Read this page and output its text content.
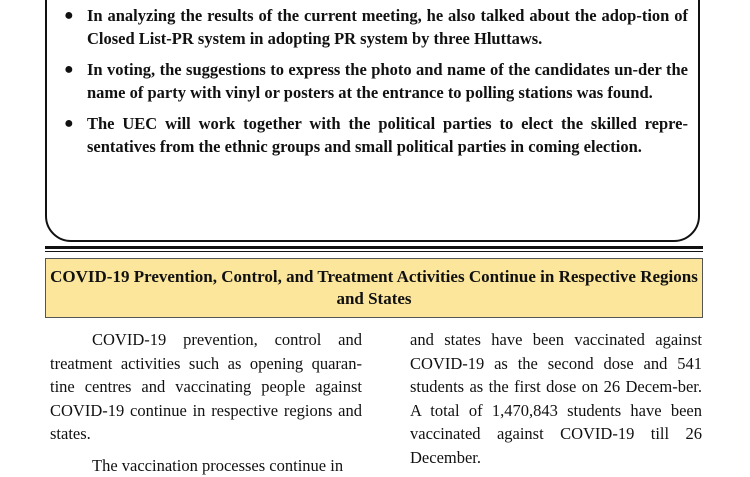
● In analyzing the results of the current meeting, he also talked about the adop-tion of Closed List-PR system in adopting PR system by three Hluttaws.
● In voting, the suggestions to express the photo and name of the candidates un-der the name of party with vinyl or posters at the entrance to polling stations was found.
● The UEC will work together with the political parties to elect the skilled repre-sentatives from the ethnic groups and small political parties in coming election.
COVID-19 Prevention, Control, and Treatment Activities Continue in Respective Regions and States

COVID-19 prevention, control and treatment activities such as opening quaran-tine centres and vaccinating people against COVID-19 continue in respective regions and states.

The vaccination processes continue in

and states have been vaccinated against COVID-19 as the second dose and 541 students as the first dose on 26 Decem-ber. A total of 1,470,843 students have been vaccinated against COVID-19 till 26 December.
